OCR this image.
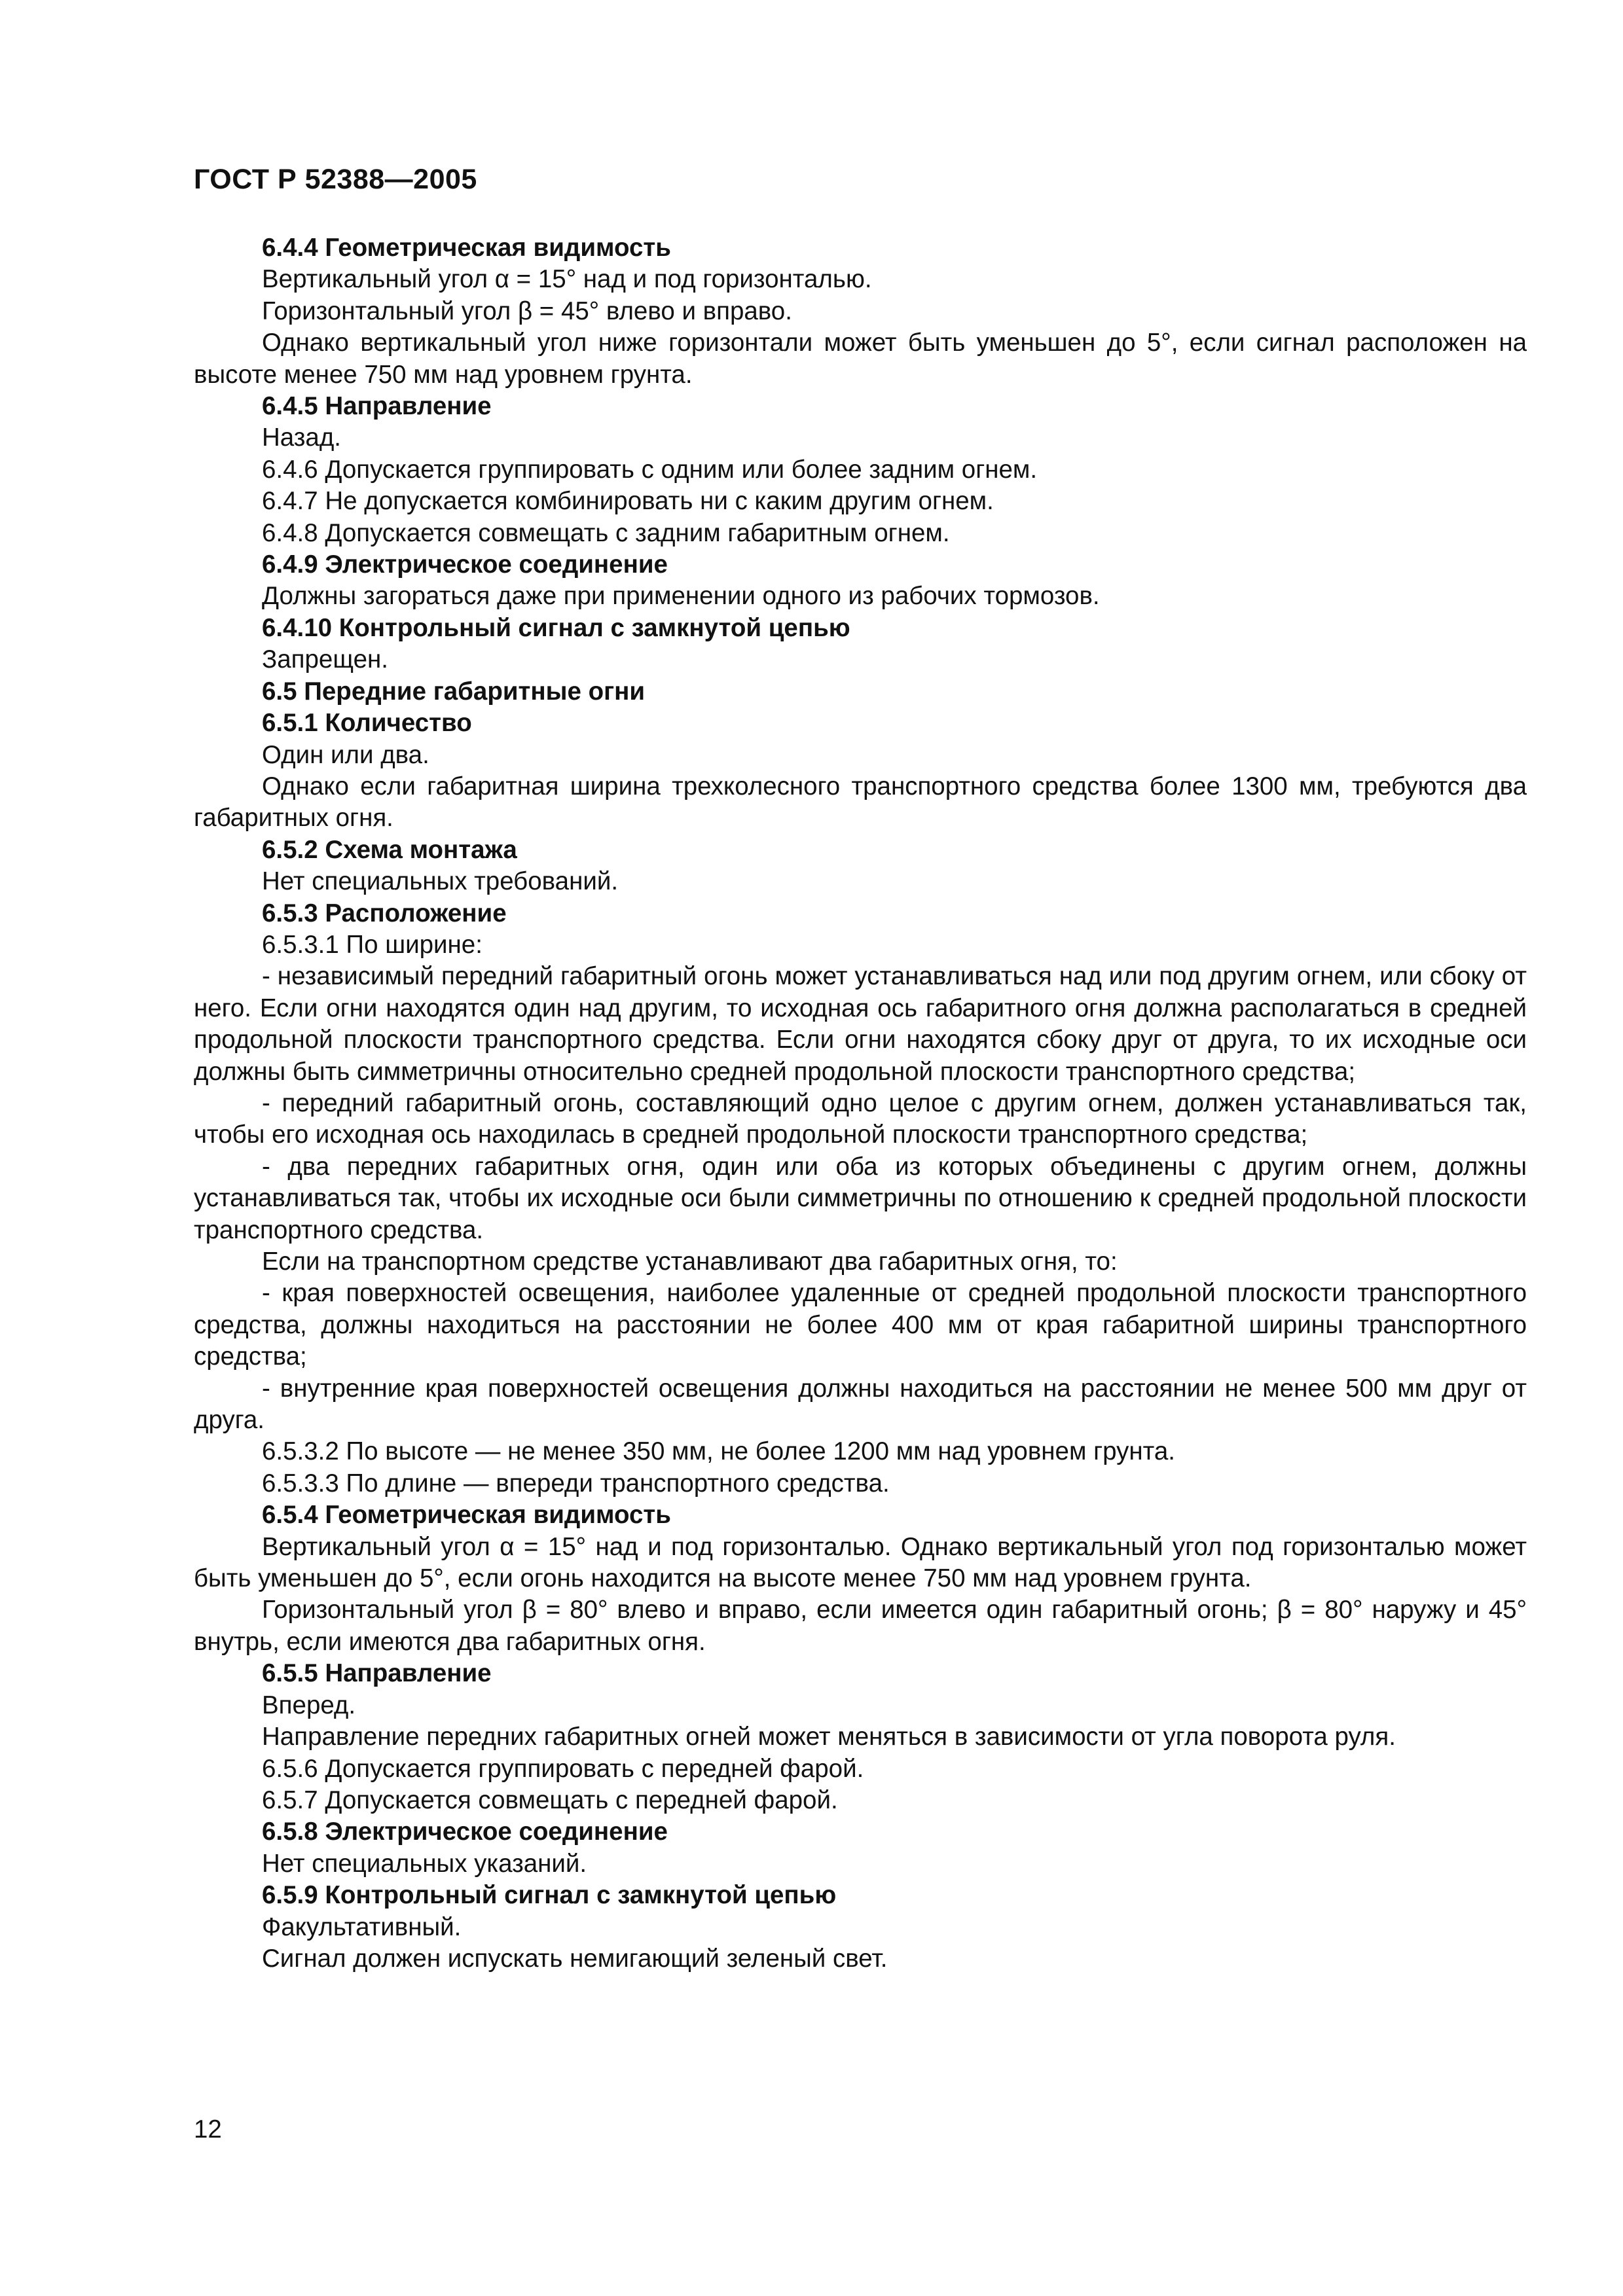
ГОСТ Р 52388—2005

6.4.4 Геометрическая видимость

Вертикальный угол α = 15° над и под горизонталью.

Горизонтальный угол β = 45° влево и вправо.

Однако вертикальный угол ниже горизонтали может быть уменьшен до 5°, если сигнал расположен на высоте менее 750 мм над уровнем грунта.

6.4.5 Направление

Назад.

6.4.6 Допускается группировать с одним или более задним огнем.

6.4.7 Не допускается комбинировать ни с каким другим огнем.

6.4.8 Допускается совмещать с задним габаритным огнем.

6.4.9 Электрическое соединение

Должны загораться даже при применении одного из рабочих тормозов.

6.4.10 Контрольный сигнал с замкнутой цепью

Запрещен.

6.5 Передние габаритные огни

6.5.1 Количество

Один или два.

Однако если габаритная ширина трехколесного транспортного средства более 1300 мм, требуются два габаритных огня.

6.5.2 Схема монтажа

Нет специальных требований.

6.5.3 Расположение

6.5.3.1 По ширине:

- независимый передний габаритный огонь может устанавливаться над или под другим огнем, или сбоку от него. Если огни находятся один над другим, то исходная ось габаритного огня должна располагаться в средней продольной плоскости транспортного средства. Если огни находятся сбоку друг от друга, то их исходные оси должны быть симметричны относительно средней продольной плоскости транспортного средства;

- передний габаритный огонь, составляющий одно целое с другим огнем, должен устанавливаться так, чтобы его исходная ось находилась в средней продольной плоскости транспортного средства;

- два передних габаритных огня, один или оба из которых объединены с другим огнем, должны устанавливаться так, чтобы их исходные оси были симметричны по отношению к средней продольной плоскости транспортного средства.

Если на транспортном средстве устанавливают два габаритных огня, то:

- края поверхностей освещения, наиболее удаленные от средней продольной плоскости транспортного средства, должны находиться на расстоянии не более 400 мм от края габаритной ширины транспортного средства;

- внутренние края поверхностей освещения должны находиться на расстоянии не менее 500 мм друг от друга.

6.5.3.2 По высоте — не менее 350 мм, не более 1200 мм над уровнем грунта.

6.5.3.3 По длине — впереди транспортного средства.

6.5.4 Геометрическая видимость

Вертикальный угол α = 15° над и под горизонталью. Однако вертикальный угол под горизонталью может быть уменьшен до 5°, если огонь находится на высоте менее 750 мм над уровнем грунта.

Горизонтальный угол β = 80° влево и вправо, если имеется один габаритный огонь; β = 80° наружу и 45° внутрь, если имеются два габаритных огня.

6.5.5 Направление

Вперед.

Направление передних габаритных огней может меняться в зависимости от угла поворота руля.

6.5.6 Допускается группировать с передней фарой.

6.5.7 Допускается совмещать с передней фарой.

6.5.8 Электрическое соединение

Нет специальных указаний.

6.5.9 Контрольный сигнал с замкнутой цепью

Факультативный.

Сигнал должен испускать немигающий зеленый свет.

12
